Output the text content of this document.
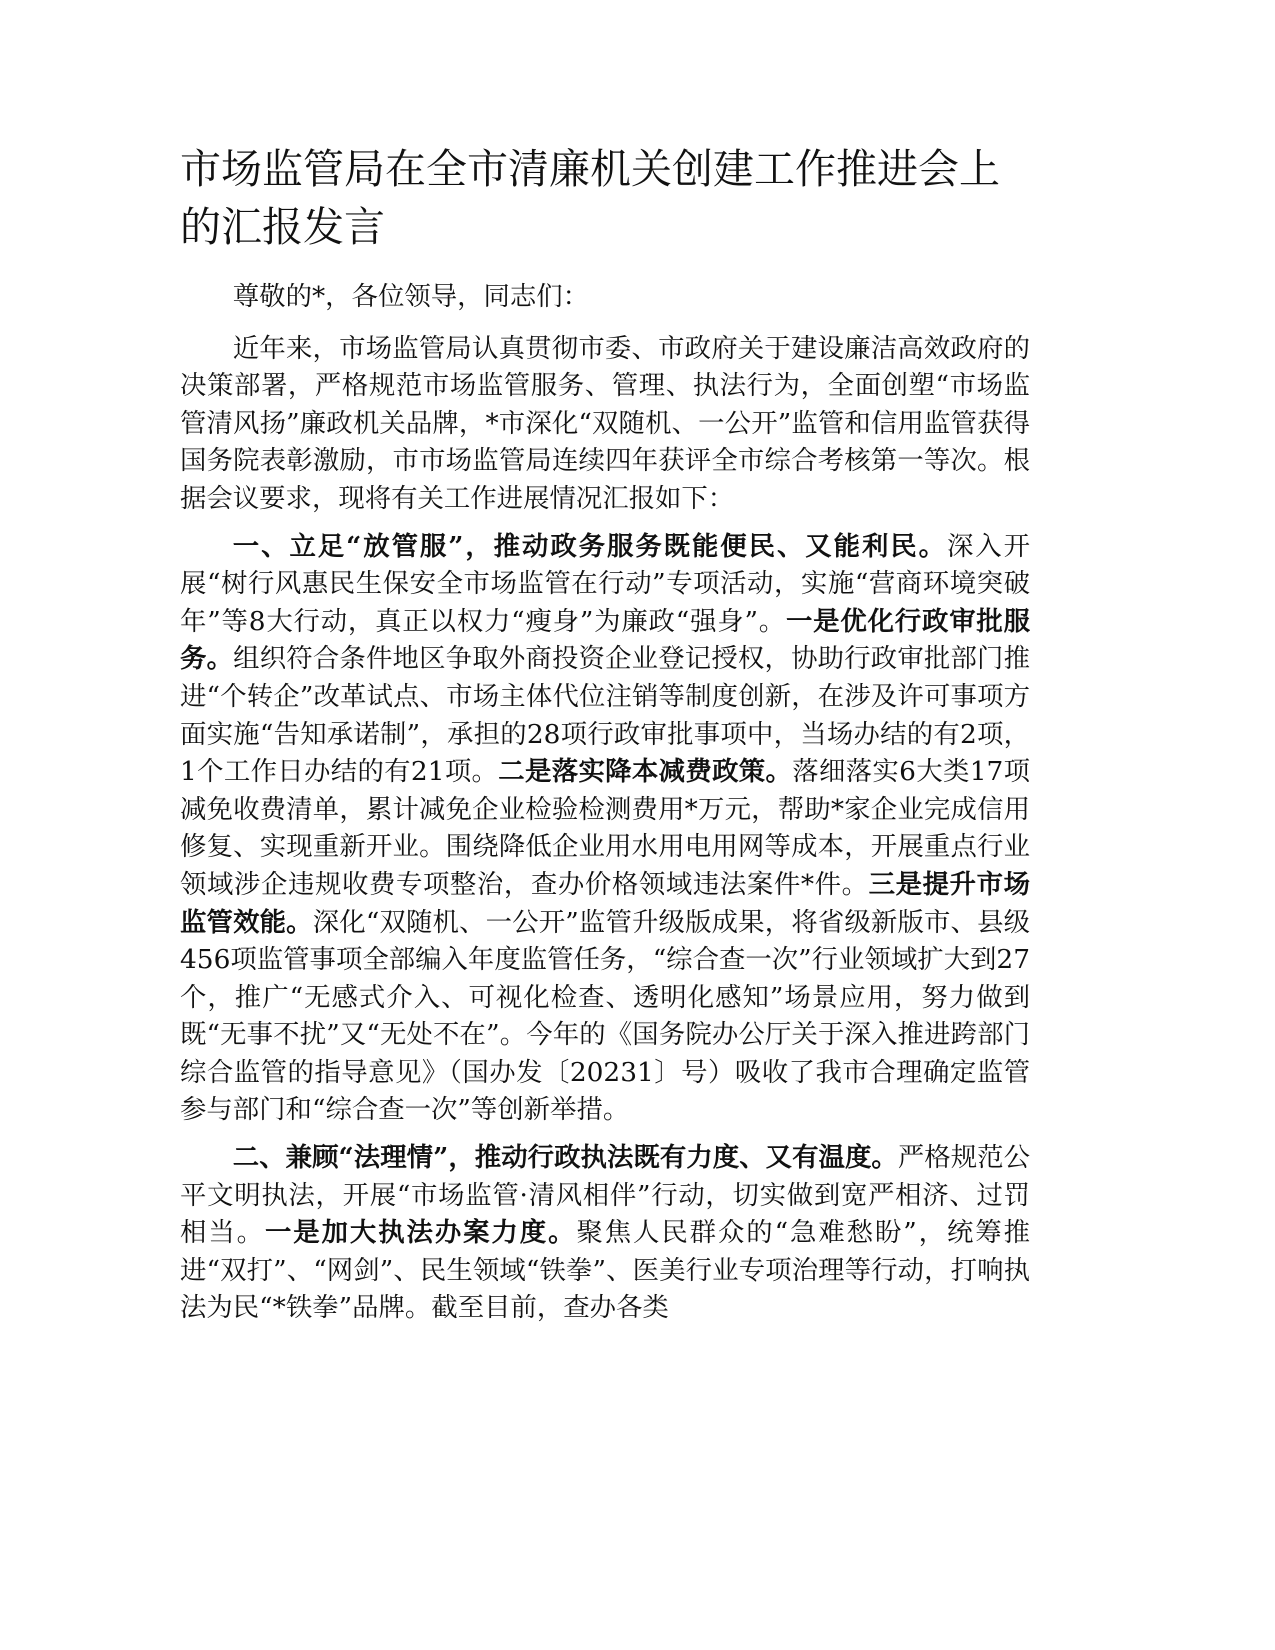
市场监管局在全市清廉机关创建工作推进会上的汇报发言

尊敬的*，各位领导，同志们：

近年来，市场监管局认真贯彻市委、市政府关于建设廉洁高效政府的决策部署，严格规范市场监管服务、管理、执法行为，全面创塑“市场监管清风扬”廉政机关品牌，*市深化“双随机、一公开”监管和信用监管获得国务院表彰激励，市市场监管局连续四年获评全市综合考核第一等次。根据会议要求，现将有关工作进展情况汇报如下：

一、立足“放管服”，推动政务服务既能便民、又能利民。深入开展“树行风惠民生保安全市场监管在行动”专项活动，实施“营商环境突破年”等8大行动，真正以权力“瘦身”为廉政“强身”。一是优化行政审批服务。组织符合条件地区争取外商投资企业登记授权，协助行政审批部门推进“个转企”改革试点、市场主体代位注销等制度创新，在涉及许可事项方面实施“告知承诺制”，承担的28项行政审批事项中，当场办结的有2项，1个工作日办结的有21项。二是落实降本减费政策。落细落实6大类17项减免收费清单，累计减免企业检验检测费用*万元，帮助*家企业完成信用修复、实现重新开业。围绕降低企业用水用电用网等成本，开展重点行业领域涉企违规收费专项整治，查办价格领域违法案件*件。三是提升市场监管效能。深化“双随机、一公开”监管升级版成果，将省级新版市、县级456项监管事项全部编入年度监管任务，“综合查一次”行业领域扩大到27个，推广“无感式介入、可视化检查、透明化感知”场景应用，努力做到既“无事不扰”又“无处不在”。今年的《国务院办公厅关于深入推进跨部门综合监管的指导意见》（国办发〔20231〕号）吸收了我市合理确定监管参与部门和“综合查一次”等创新举措。

二、兼顾“法理情”，推动行政执法既有力度、又有温度。严格规范公平文明执法，开展“市场监管·清风相伴”行动，切实做到宽严相济、过罚相当。一是加大执法办案力度。聚焦人民群众的“急难愁盼”，统筹推进“双打”、“网剑”、民生领域“铁拳”、医美行业专项治理等行动，打响执法为民“*铁拳”品牌。截至目前，查办各类
